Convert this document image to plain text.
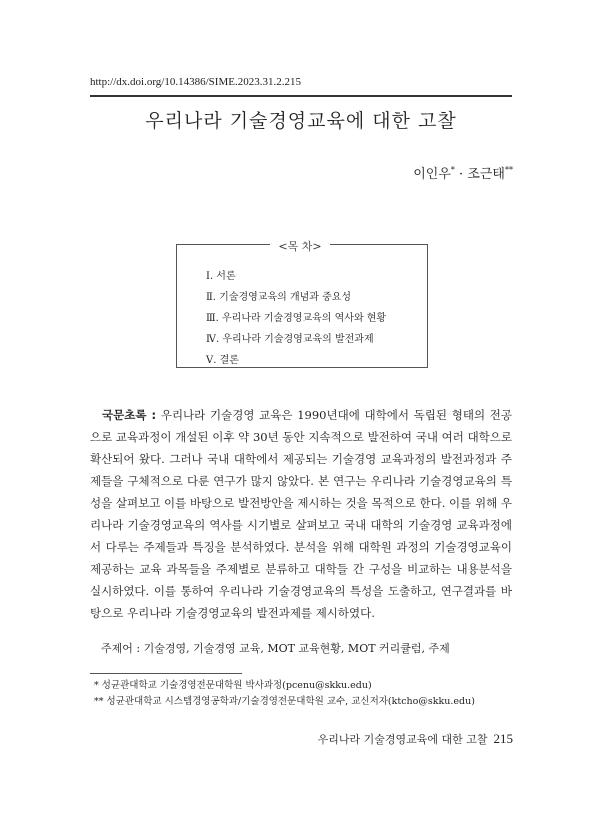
http://dx.doi.org/10.14386/SIME.2023.31.2.215
우리나라 기술경영교육에 대한 고찰
이인우* · 조근태**
<목 차>
Ⅰ. 서론
Ⅱ. 기술경영교육의 개념과 중요성
Ⅲ. 우리나라 기술경영교육의 역사와 현황
Ⅳ. 우리나라 기술경영교육의 발전과제
Ⅴ. 결론

국문초록 : 우리나라 기술경영 교육은 1990년대에 대학에서 독립된 형태의 전공으로 교육과정이 개설된 이후 약 30년 동안 지속적으로 발전하여 국내 여러 대학으로 확산되어 왔다. 그러나 국내 대학에서 제공되는 기술경영 교육과정의 발전과정과 주제들을 구체적으로 다룬 연구가 많지 않았다. 본 연구는 우리나라 기술경영교육의 특성을 살펴보고 이를 바탕으로 발전방안을 제시하는 것을 목적으로 한다. 이를 위해 우리나라 기술경영교육의 역사를 시기별로 살펴보고 국내 대학의 기술경영 교육과정에서 다루는 주제들과 특징을 분석하였다. 분석을 위해 대학원 과정의 기술경영교육이 제공하는 교육 과목들을 주제별로 분류하고 대학들 간 구성을 비교하는 내용분석을 실시하였다. 이를 통하여 우리나라 기술경영교육의 특성을 도출하고, 연구결과를 바탕으로 우리나라 기술경영교육의 발전과제를 제시하였다.

주제어 : 기술경영, 기술경영 교육, MOT 교육현황, MOT 커리큘럼, 주제
* 성균관대학교 기술경영전문대학원 박사과정(pcenu@skku.edu)
** 성균관대학교 시스템경영공학과/기술경영전문대학원 교수, 교신저자(ktcho@skku.edu)
우리나라 기술경영교육에 대한 고찰 215
